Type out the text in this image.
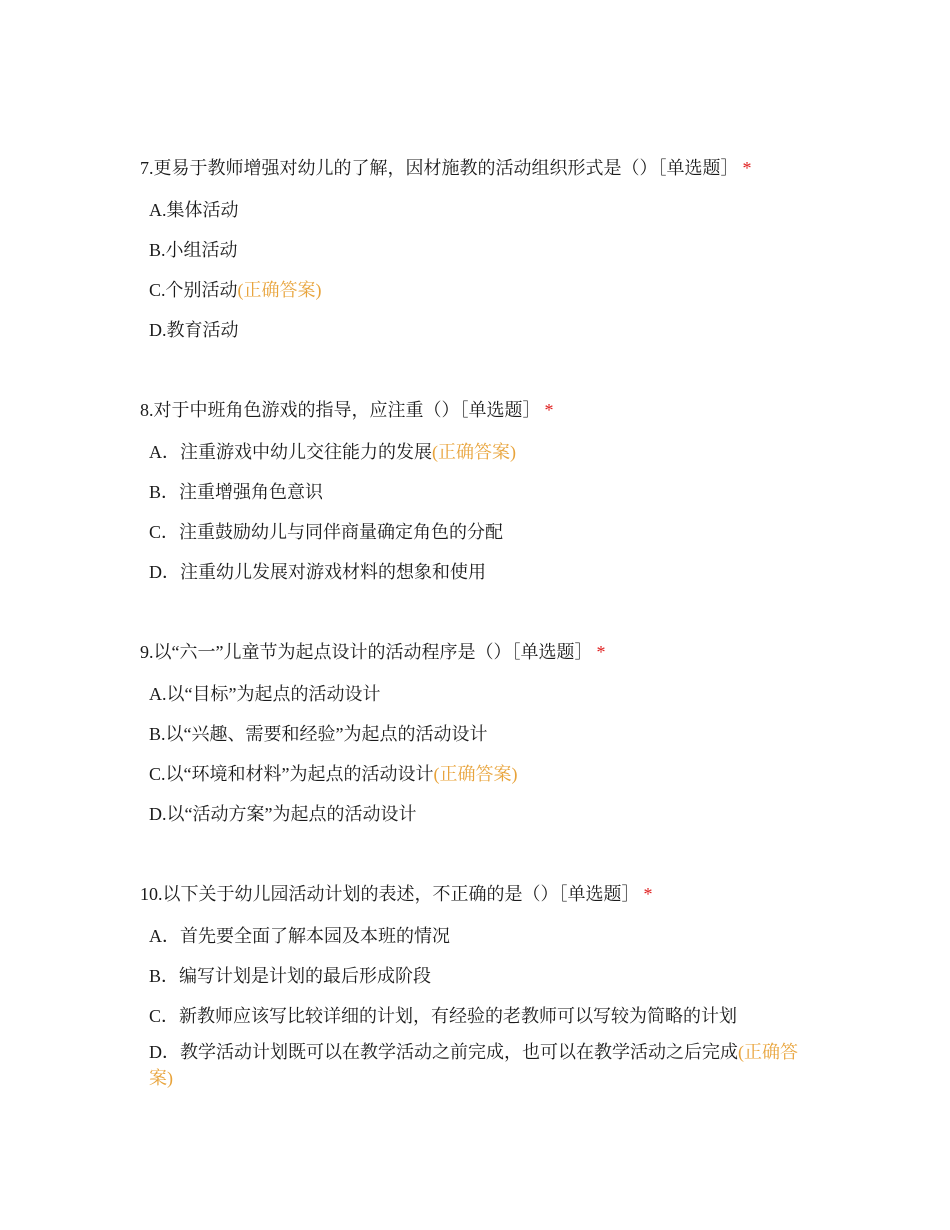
7.更易于教师增强对幼儿的了解，因材施教的活动组织形式是（）［单选题］ *
A.集体活动
B.小组活动
C.个别活动(正确答案)
D.教育活动
8.对于中班角色游戏的指导，应注重（）［单选题］ *
A．注重游戏中幼儿交往能力的发展(正确答案)
B．注重增强角色意识
C．注重鼓励幼儿与同伴商量确定角色的分配
D．注重幼儿发展对游戏材料的想象和使用
9.以“六一”儿童节为起点设计的活动程序是（）［单选题］ *
A.以“目标”为起点的活动设计
B.以“兴趣、需要和经验”为起点的活动设计
C.以“环境和材料”为起点的活动设计(正确答案)
D.以“活动方案”为起点的活动设计
10.以下关于幼儿园活动计划的表述，不正确的是（）［单选题］ *
A．首先要全面了解本园及本班的情况
B．编写计划是计划的最后形成阶段
C．新教师应该写比较详细的计划，有经验的老教师可以写较为简略的计划
D．教学活动计划既可以在教学活动之前完成，也可以在教学活动之后完成(正确答案)
